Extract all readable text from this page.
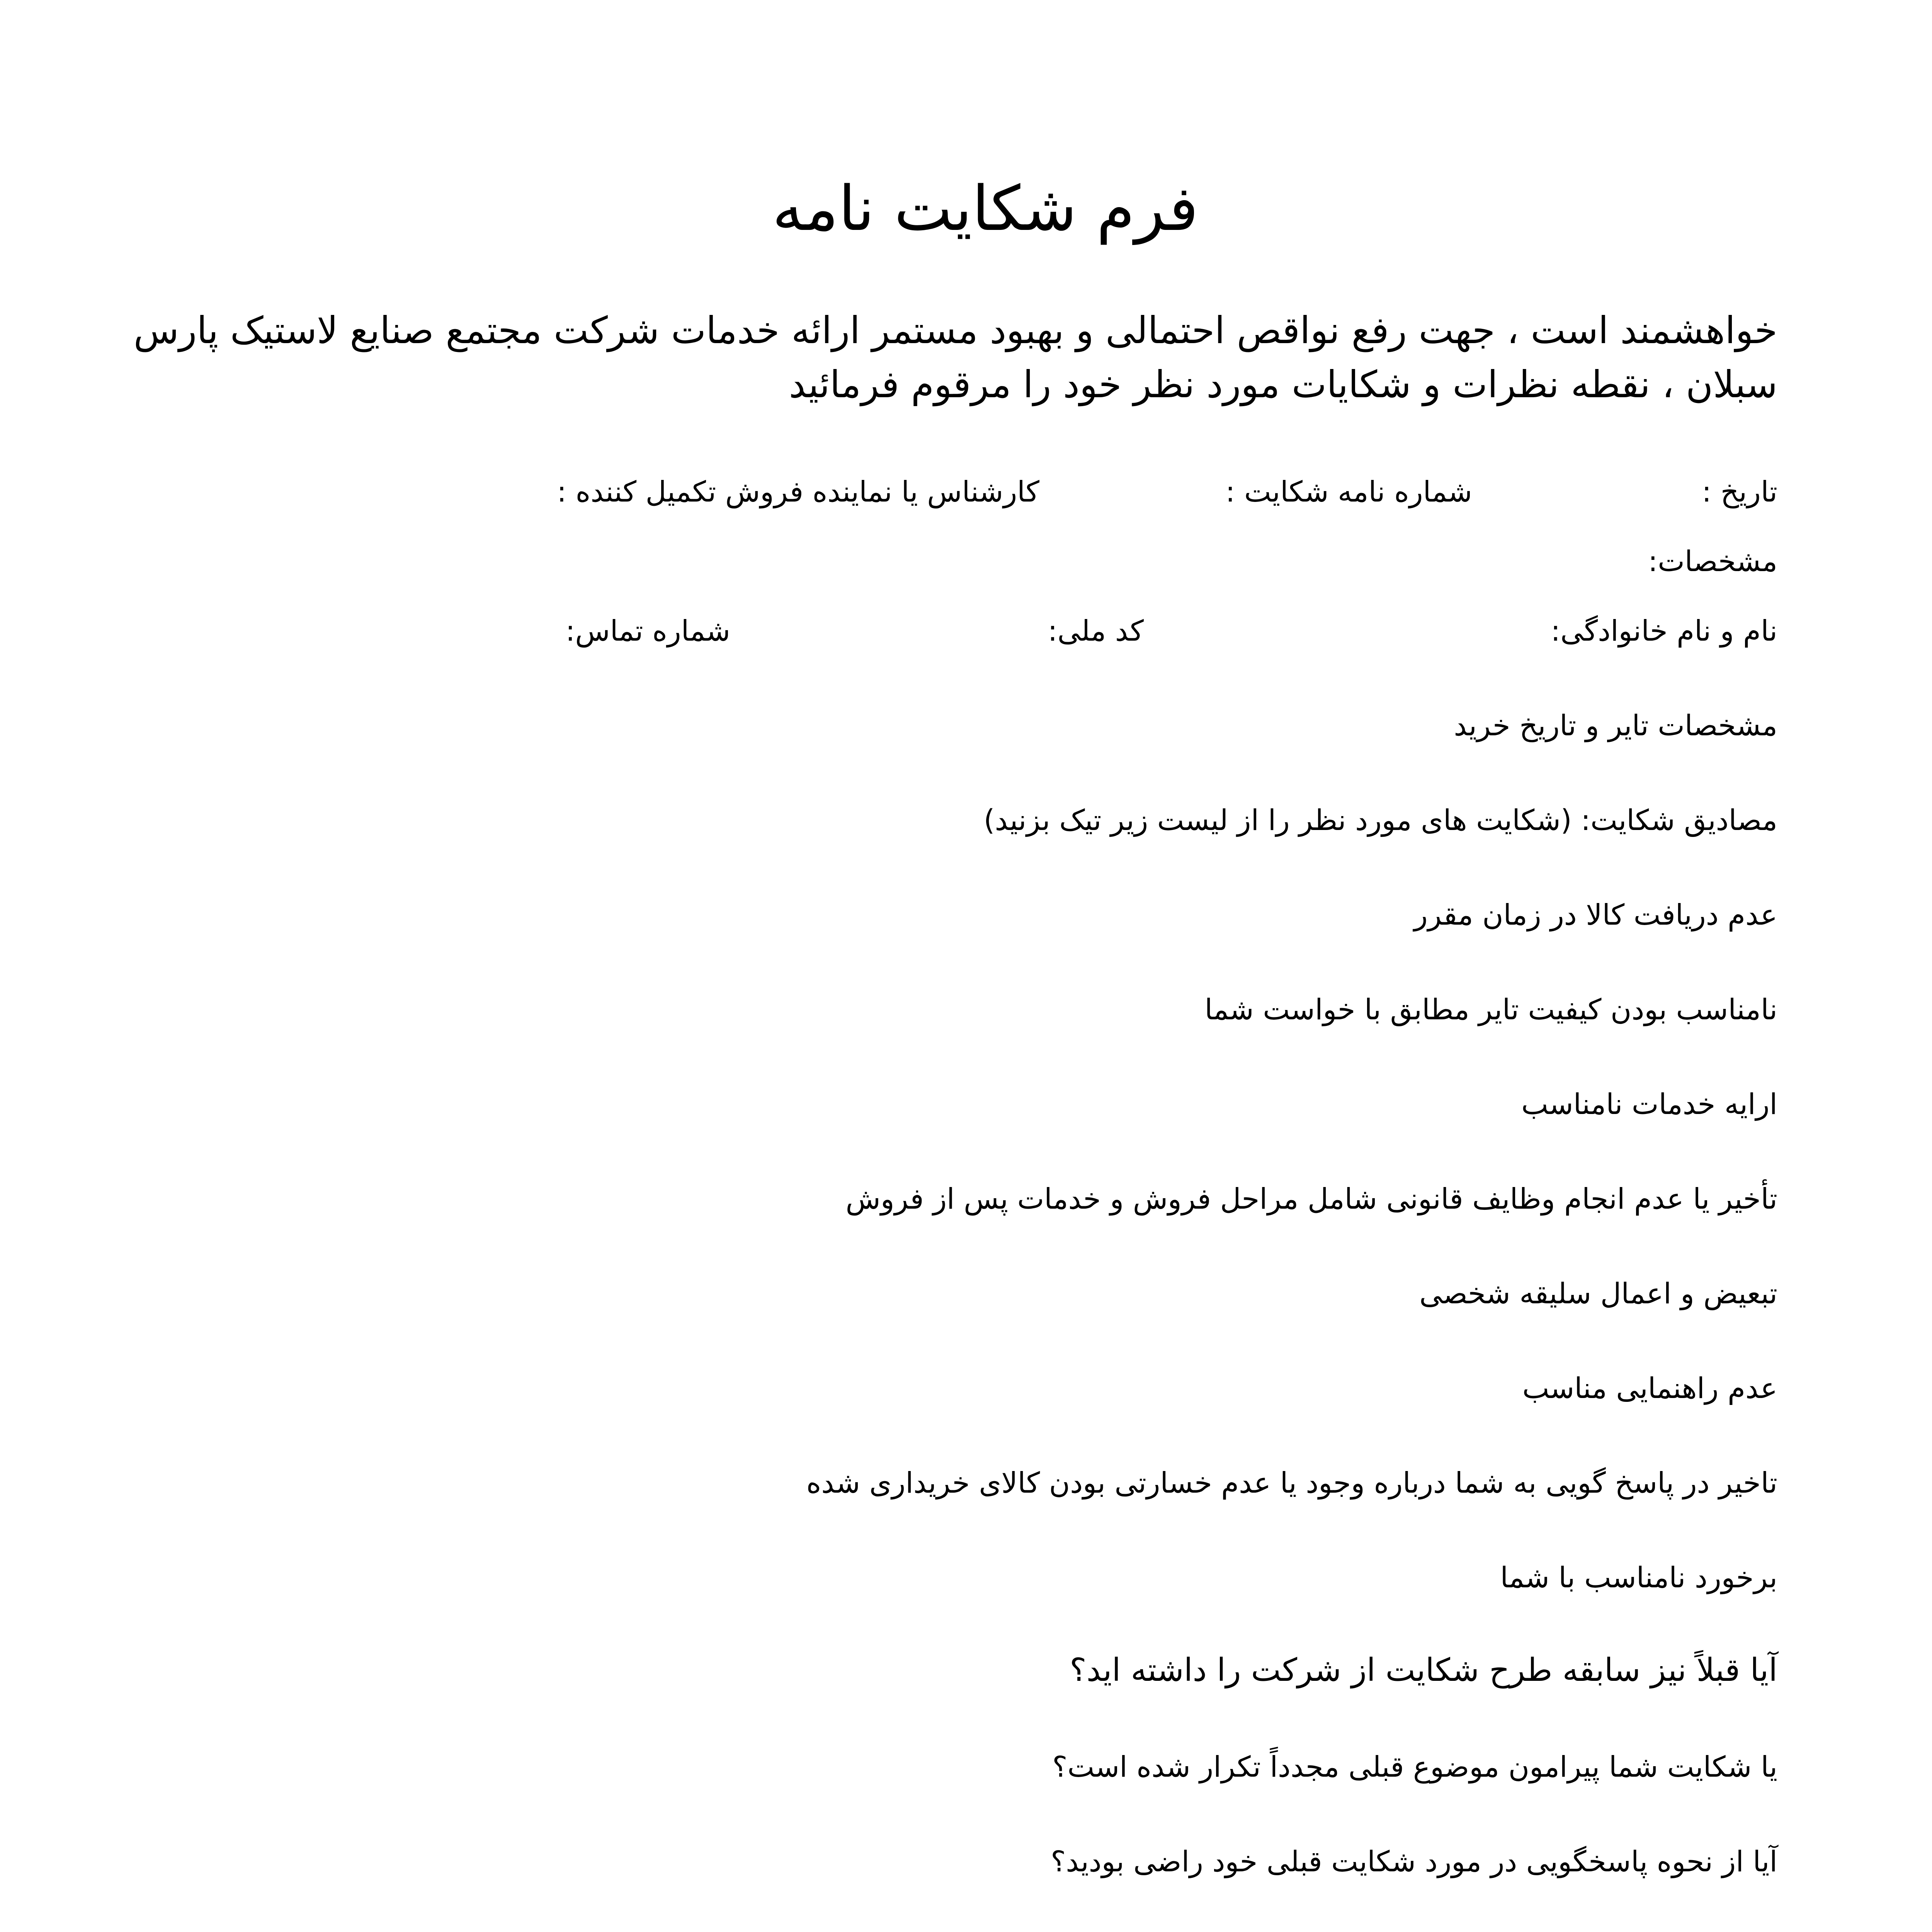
فرم شکایت نامه
خواهشمند است ، جهت رفع نواقص احتمالی و بهبود مستمر ارائه خدمات شرکت مجتمع صنایع لاستیک پارس
سبلان ، نقطه نظرات و شکایات مورد نظر خود را مرقوم فرمائید
تاریخ :
شماره نامه شکایت :
کارشناس یا نماینده فروش تکمیل کننده :
مشخصات:
نام و نام خانوادگی:
کد ملی:
شماره تماس:
مشخصات تایر و تاریخ خرید
مصادیق شکایت: (شکایت های مورد نظر را از لیست زیر تیک بزنید)
عدم دریافت کالا در زمان مقرر
نامناسب بودن کیفیت تایر مطابق با خواست شما
ارایه خدمات نامناسب
تأخیر یا عدم انجام وظایف قانونی شامل مراحل فروش و خدمات پس از فروش
تبعیض و اعمال سلیقه شخصی
عدم راهنمایی مناسب
تاخیر در پاسخ گویی به شما درباره وجود یا عدم خسارتی بودن کالای خریداری شده
برخورد نامناسب با شما
آیا قبلاً نیز سابقه طرح شکایت از شرکت را داشته اید؟
یا شکایت شما پیرامون موضوع قبلی مجدداً تکرار شده است؟
آیا از نحوه پاسخگویی در مورد شکایت قبلی خود راضی بودید؟
